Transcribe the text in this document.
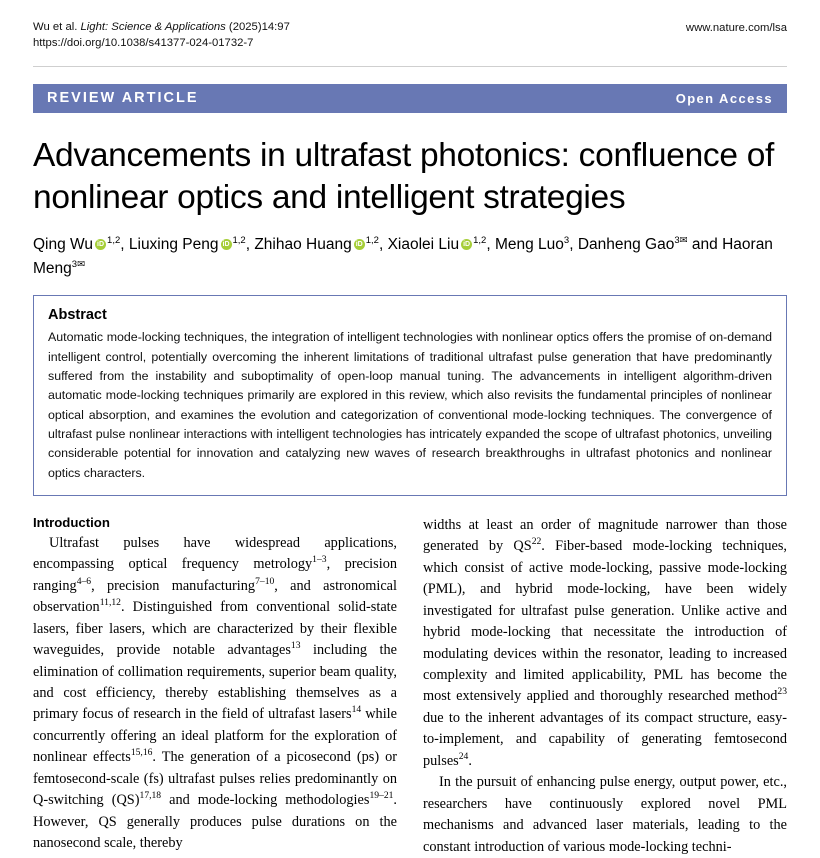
Wu et al. Light: Science & Applications (2025)14:97
https://doi.org/10.1038/s41377-024-01732-7
www.nature.com/lsa
REVIEW ARTICLE	Open Access
Advancements in ultrafast photonics: confluence of nonlinear optics and intelligent strategies
Qing Wu iD $^{1,2}$, Liuxing Peng iD $^{1,2}$, Zhihao Huang iD $^{1,2}$, Xiaolei Liu iD $^{1,2}$, Meng Luo$^3$, Danheng Gao$^{3✉}$ and Haoran Meng$^{3✉}$
Abstract

Automatic mode-locking techniques, the integration of intelligent technologies with nonlinear optics offers the promise of on-demand intelligent control, potentially overcoming the inherent limitations of traditional ultrafast pulse generation that have predominantly suffered from the instability and suboptimality of open-loop manual tuning. The advancements in intelligent algorithm-driven automatic mode-locking techniques primarily are explored in this review, which also revisits the fundamental principles of nonlinear optical absorption, and examines the evolution and categorization of conventional mode-locking techniques. The convergence of ultrafast pulse nonlinear interactions with intelligent technologies has intricately expanded the scope of ultrafast photonics, unveiling considerable potential for innovation and catalyzing new waves of research breakthroughs in ultrafast photonics and nonlinear optics characters.

Introduction

Ultrafast pulses have widespread applications, encompassing optical frequency metrology$^{1-3}$, precision ranging$^{4-6}$, precision manufacturing$^{7-10}$, and astronomical observation$^{11,12}$. Distinguished from conventional solid-state lasers, fiber lasers, which are characterized by their flexible waveguides, provide notable advantages$^{13}$ including the elimination of collimation requirements, superior beam quality, and cost efficiency, thereby establishing themselves as a primary focus of research in the field of ultrafast lasers$^{14}$ while concurrently offering an ideal platform for the exploration of nonlinear effects$^{15,16}$. The generation of a picosecond (ps) or femtosecond-scale (fs) ultrafast pulses relies predominantly on Q-switching (QS)$^{17,18}$ and mode-locking methodologies$^{19-21}$. However, QS generally produces pulse durations on the nanosecond scale, thereby

widths at least an order of magnitude narrower than those generated by QS$^{22}$. Fiber-based mode-locking techniques, which consist of active mode-locking, passive mode-locking (PML), and hybrid mode-locking, have been widely investigated for ultrafast pulse generation. Unlike active and hybrid mode-locking that necessitate the introduction of modulating devices within the resonator, leading to increased complexity and limited applicability, PML has become the most extensively applied and thoroughly researched method$^{23}$ due to the inherent advantages of its compact structure, easy-to-implement, and capability of generating femtosecond pulses$^{24}$.

In the pursuit of enhancing pulse energy, output power, etc., researchers have continuously explored novel PML mechanisms and advanced laser materials, leading to the constant introduction of various mode-locking techni-
